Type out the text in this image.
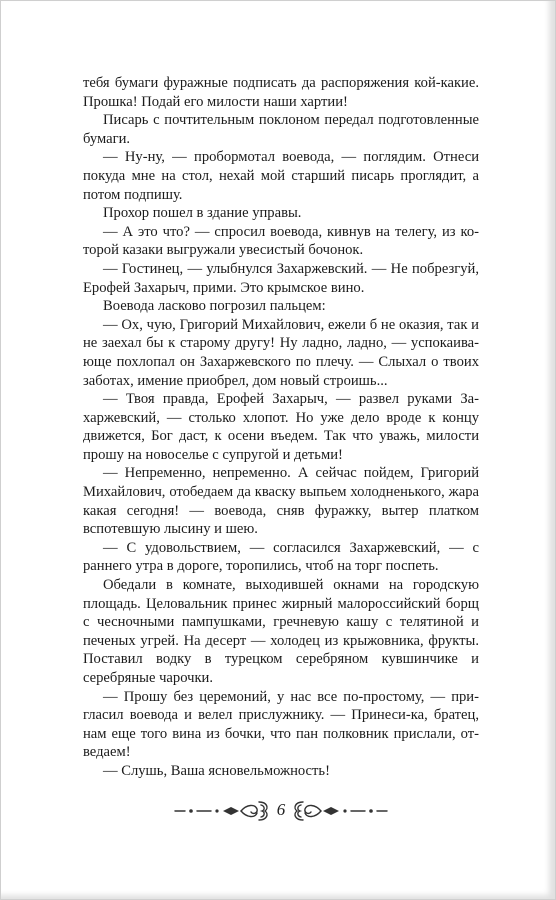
тебя бумаги фуражные подписать да распоряжения кой-какие. Прошка! Подай его милости наши хартии!

Писарь с почтительным поклоном передал подготовленные бумаги.

— Ну-ну, — пробормотал воевода, — поглядим. Отнеси покуда мне на стол, нехай мой старший писарь проглядит, а потом подпишу.

Прохор пошел в здание управы.

— А это что? — спросил воевода, кивнув на телегу, из которой казаки выгружали увесистый бочонок.

— Гостинец, — улыбнулся Захаржевский. — Не побрезгуй, Ерофей Захарыч, прими. Это крымское вино.

Воевода ласково погрозил пальцем:

— Ох, чую, Григорий Михайлович, ежели б не оказия, так и не заехал бы к старому другу! Ну ладно, ладно, — успокаивающе похлопал он Захаржевского по плечу. — Слыхал о твоих заботах, имение приобрел, дом новый строишь...

— Твоя правда, Ерофей Захарыч, — развел руками Захаржевский, — столько хлопот. Но уже дело вроде к концу движется, Бог даст, к осени въедем. Так что уважь, милости прошу на новоселье с супругой и детьми!

— Непременно, непременно. А сейчас пойдем, Григорий Михайлович, отобедаем да кваску выпьем холодненького, жара какая сегодня! — воевода, сняв фуражку, вытер платком вспотевшую лысину и шею.

— С удовольствием, — согласился Захаржевский, — с раннего утра в дороге, торопились, чтоб на торг поспеть.

Обедали в комнате, выходившей окнами на городскую площадь. Целовальник принес жирный малороссийский борщ с чесночными пампушками, гречневую кашу с телятиной и печеных угрей. На десерт — холодец из крыжовника, фрукты. Поставил водку в турецком серебряном кувшинчике и серебряные чарочки.

— Прошу без церемоний, у нас все по-простому, — пригласил воевода и велел прислужнику. — Принеси-ка, братец, нам еще того вина из бочки, что пан полковник прислали, отведаем!

— Слушь, Ваша ясновельможность!

6
